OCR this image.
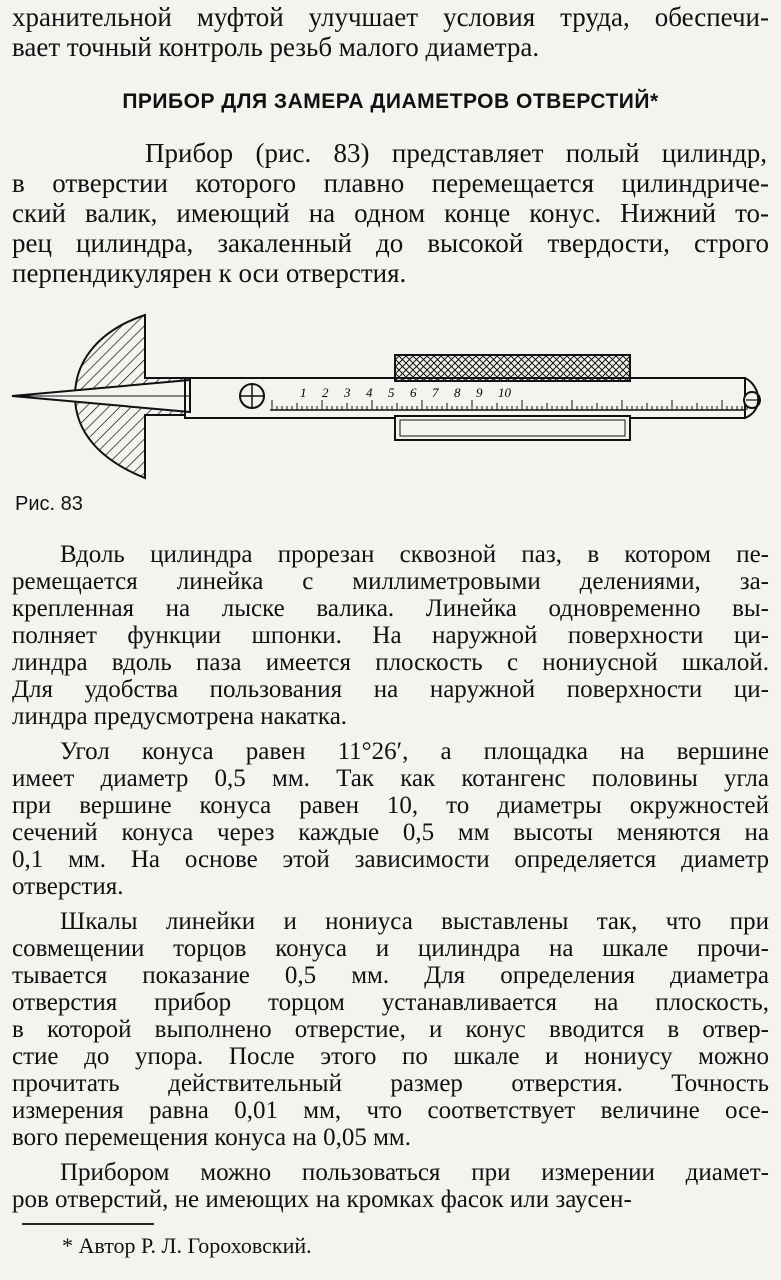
хранительной муфтой улучшает условия труда, обеспечи-
вает точный контроль резьб малого диаметра.
ПРИБОР ДЛЯ ЗАМЕРА ДИАМЕТРОВ ОТВЕРСТИЙ*
Прибор (рис. 83) представляет полый цилиндр,
в отверстии которого плавно перемещается цилиндриче-
ский валик, имеющий на одном конце конус. Нижний то-
рец цилиндра, закаленный до высокой твердости, строго
перпендикулярен к оси отверстия.
1 2 3 4 5 6 7 8 9 10
Рис. 83
Вдоль цилиндра прорезан сквозной паз, в котором пе-
ремещается линейка с миллиметровыми делениями, за-
крепленная на лыске валика. Линейка одновременно вы-
полняет функции шпонки. На наружной поверхности ци-
линдра вдоль паза имеется плоскость с нониусной шкалой.
Для удобства пользования на наружной поверхности ци-
линдра предусмотрена накатка.
Угол конуса равен 11°26′, а площадка на вершине
имеет диаметр 0,5 мм. Так как котангенс половины угла
при вершине конуса равен 10, то диаметры окружностей
сечений конуса через каждые 0,5 мм высоты меняются на
0,1 мм. На основе этой зависимости определяется диаметр
отверстия.
Шкалы линейки и нониуса выставлены так, что при
совмещении торцов конуса и цилиндра на шкале прочи-
тывается показание 0,5 мм. Для определения диаметра
отверстия прибор торцом устанавливается на плоскость,
в которой выполнено отверстие, и конус вводится в отвер-
стие до упора. После этого по шкале и нониусу можно
прочитать действительный размер отверстия. Точность
измерения равна 0,01 мм, что соответствует величине осе-
вого перемещения конуса на 0,05 мм.
Прибором можно пользоваться при измерении диамет-
* Автор Р. Л. Гороховский.
ров отверстий, не имеющих на кромках фасок или заусен-
